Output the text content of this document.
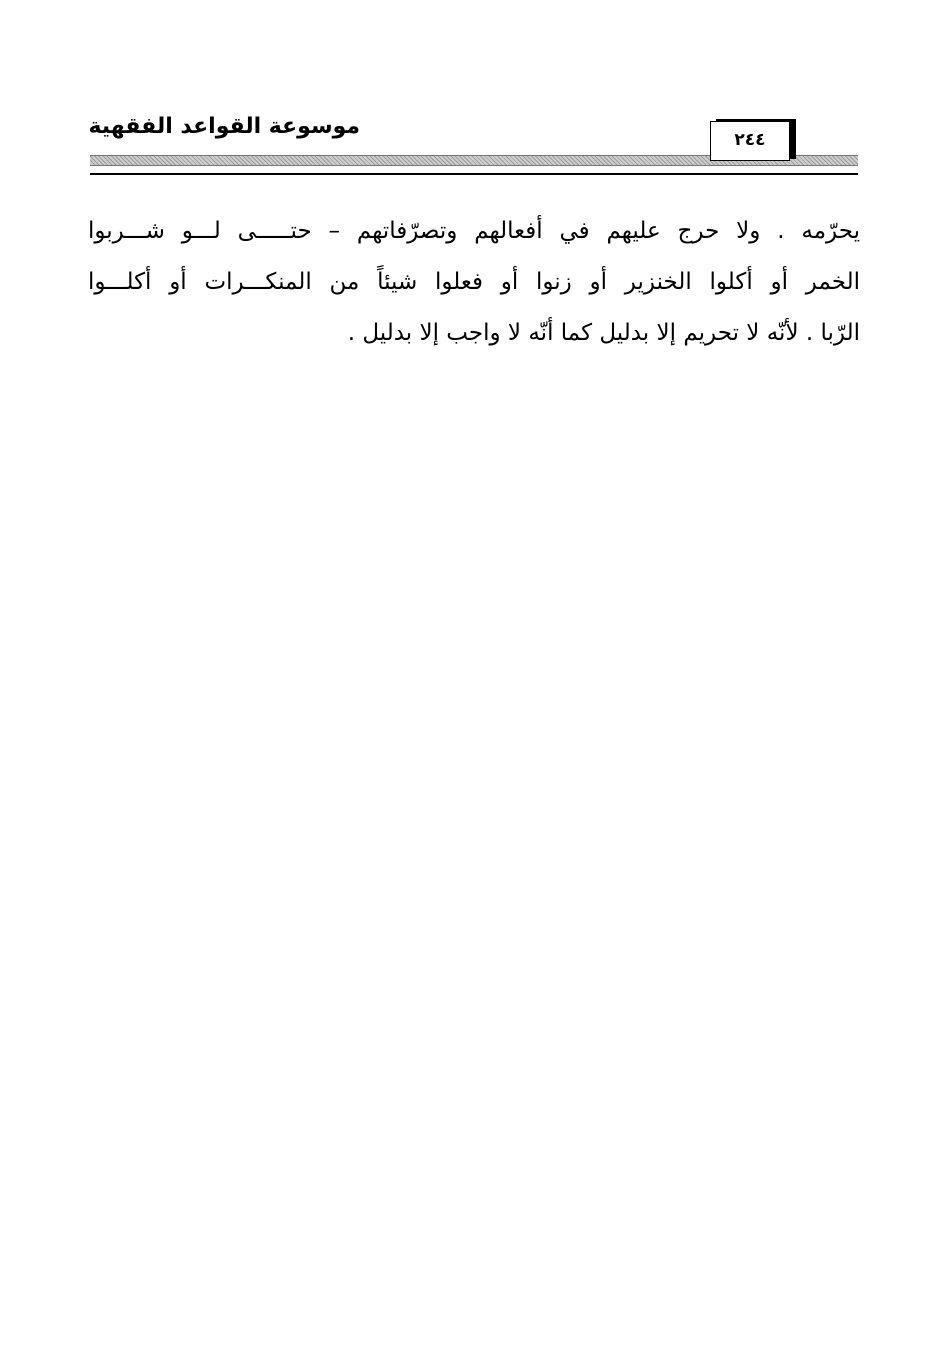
موسوعة القواعد الفقهية
٢٤٤
يحرّمه . ولا حرج عليهم في أفعالهم وتصرّفاتهم – حتـــــى لـــو شـــربوا
الخمر أو أكلوا الخنزير أو زنوا أو فعلوا شيئاً من المنكـــرات أو أكلـــوا
الرّبا . لأنّه لا تحريم إلا بدليل كما أنّه لا واجب إلا بدليل .
